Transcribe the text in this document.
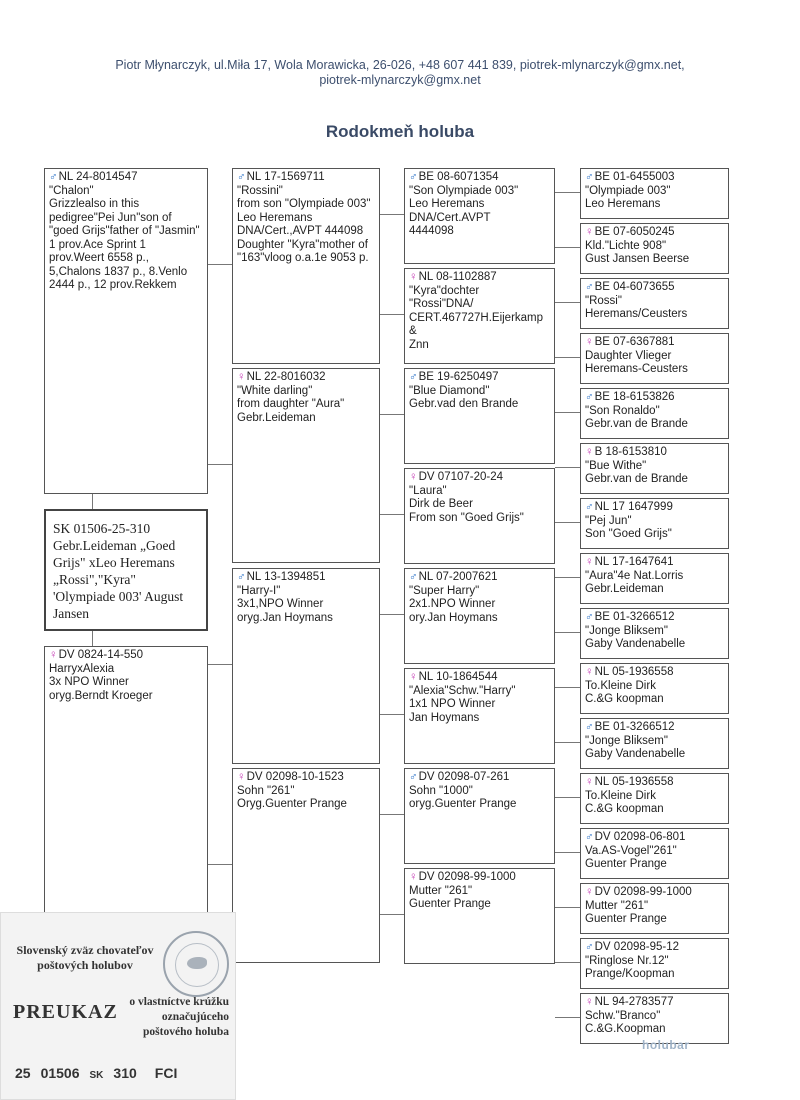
Piotr Młynarczyk, ul.Miła 17, Wola Morawicka, 26-026, +48 607 441 839, piotrek-mlynarczyk@gmx.net,
piotrek-mlynarczyk@gmx.net
Rodokmeň holuba
♂NL 24-8014547
"Chalon"
Grizzlealso in this pedigree"Pei Jun"son of "goed Grijs"father of "Jasmin" 1 prov.Ace Sprint 1 prov.Weert 6558 p., 5,Chalons 1837 p., 8.Venlo 2444 p., 12 prov.Rekkem
♀DV 0824-14-550
HarryxAlexia
3x NPO Winner
oryg.Berndt Kroeger
♂NL 17-1569711
"Rossini"
from son "Olympiade 003"
Leo Heremans DNA/Cert.,AVPT 444098 Doughter "Kyra"mother of "163"vloog o.a.1e 9053 p.
♀NL 22-8016032
"White darling"
from daughter "Aura"
Gebr.Leideman
♂NL 13-1394851
"Harry-I"
3x1,NPO Winner
oryg.Jan Hoymans
♀DV 02098-10-1523
Sohn "261"
Oryg.Guenter Prange
♂BE 08-6071354
"Son Olympiade 003"
Leo Heremans
DNA/Cert.AVPT
4444098
♀NL 08-1102887
"Kyra"dochter
"Rossi"DNA/
CERT.467727H.Eijerkamp
&
Znn
♂BE 19-6250497
"Blue Diamond"
Gebr.vad den Brande
♀DV 07107-20-24
"Laura"
Dirk de Beer
From son "Goed Grijs"
♂NL 07-2007621
"Super Harry"
2x1.NPO Winner
ory.Jan Hoymans
♀NL 10-1864544
"Alexia"Schw."Harry"
1x1 NPO Winner
Jan Hoymans
♂DV 02098-07-261
Sohn "1000"
oryg.Guenter Prange
♀DV 02098-99-1000
Mutter "261"
Guenter Prange
♂BE 01-6455003
"Olympiade 003"
Leo Heremans
♀BE 07-6050245
Kld."Lichte 908"
Gust Jansen Beerse
♂BE 04-6073655
"Rossi"
Heremans/Ceusters
♀BE 07-6367881
Daughter Vlieger
Heremans-Ceusters
♂BE 18-6153826
"Son Ronaldo"
Gebr.van de Brande
♀B 18-6153810
"Bue Withe"
Gebr.van de Brande
♂NL 17 1647999
"Pej Jun"
Son "Goed Grijs"
♀NL 17-1647641
"Aura"4e Nat.Lorris
Gebr.Leideman
♂BE 01-3266512
"Jonge Bliksem"
Gaby Vandenabelle
♀NL 05-1936558
To.Kleine Dirk
C.&G koopman
♂BE 01-3266512
"Jonge Bliksem"
Gaby Vandenabelle
♀NL 05-1936558
To.Kleine Dirk
C.&G koopman
♂DV 02098-06-801
Va.AS-Vogel"261"
Guenter Prange
♀DV 02098-99-1000
Mutter "261"
Guenter Prange
♂DV 02098-95-12
"Ringlose Nr.12"
Prange/Koopman
♀NL 94-2783577
Schw."Branco"
C.&G.Koopman
SK 01506-25-310
Gebr.Leideman „Goed Grijs" xLeo Heremans „Rossi","Kyra" 'Olympiade 003' August Jansen
Slovenský zväz chovateľov poštových holubov
PREUKAZ	o vlastníctve krúžku označujúceho poštového holuba
25 01506 SK 310 FCI
holubar
